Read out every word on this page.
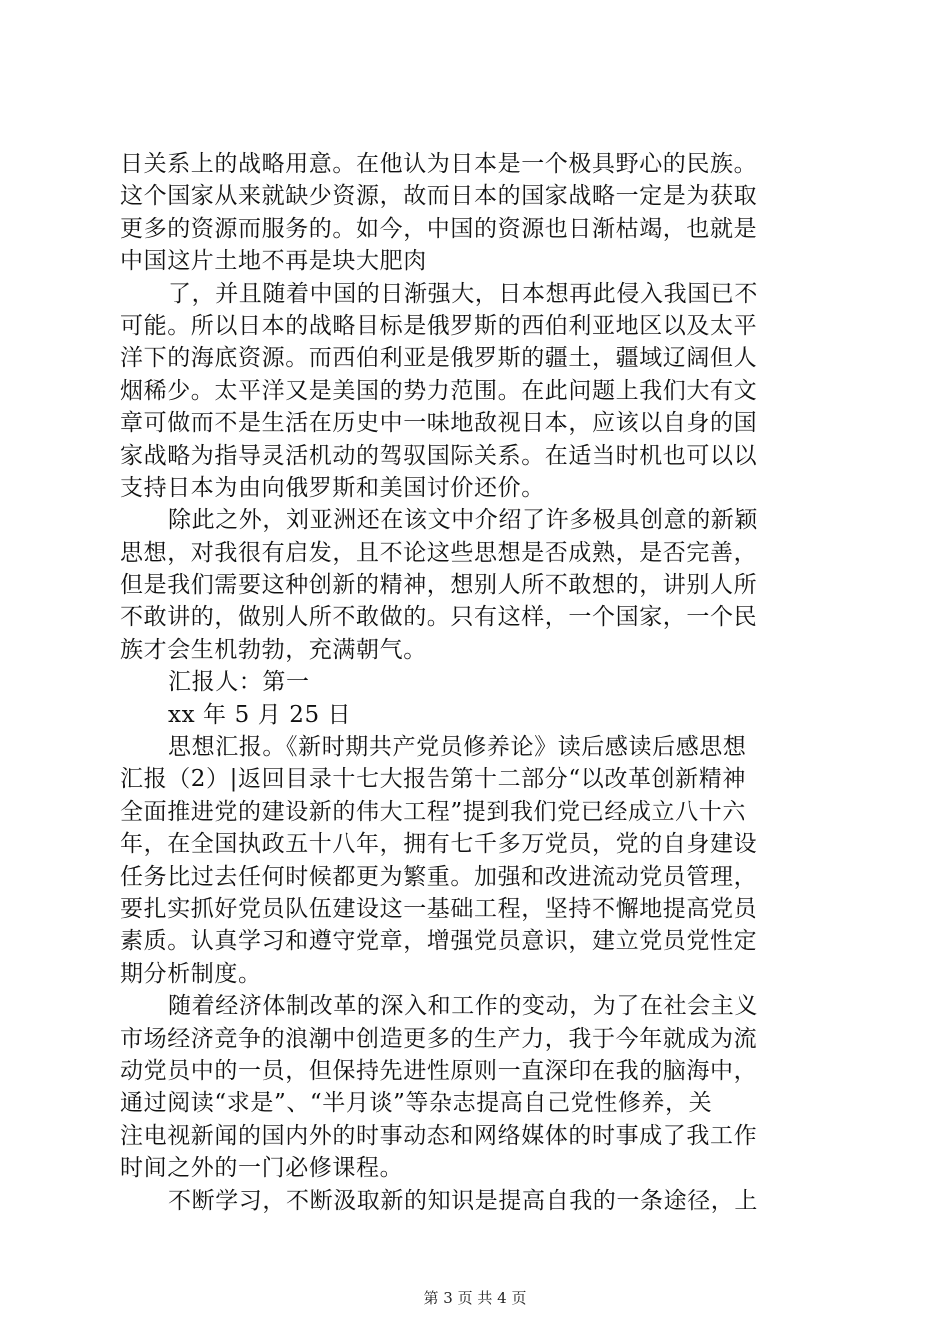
日关系上的战略用意。在他认为日本是一个极具野心的民族。
这个国家从来就缺少资源，故而日本的国家战略一定是为获取
更多的资源而服务的。如今，中国的资源也日渐枯竭，也就是
中国这片土地不再是块大肥肉
了，并且随着中国的日渐强大，日本想再此侵入我国已不
可能。所以日本的战略目标是俄罗斯的西伯利亚地区以及太平
洋下的海底资源。而西伯利亚是俄罗斯的疆土，疆域辽阔但人
烟稀少。太平洋又是美国的势力范围。在此问题上我们大有文
章可做而不是生活在历史中一味地敌视日本，应该以自身的国
家战略为指导灵活机动的驾驭国际关系。在适当时机也可以以
支持日本为由向俄罗斯和美国讨价还价。
除此之外，刘亚洲还在该文中介绍了许多极具创意的新颖
思想，对我很有启发，且不论这些思想是否成熟，是否完善，
但是我们需要这种创新的精神，想别人所不敢想的，讲别人所
不敢讲的，做别人所不敢做的。只有这样，一个国家，一个民
族才会生机勃勃，充满朝气。
汇报人：第一
xx 年 5 月 25 日
思想汇报。《新时期共产党员修养论》读后感读后感思想
汇报（2）|返回目录十七大报告第十二部分“以改革创新精神
全面推进党的建设新的伟大工程”提到我们党已经成立八十六
年，在全国执政五十八年，拥有七千多万党员，党的自身建设
任务比过去任何时候都更为繁重。加强和改进流动党员管理，
要扎实抓好党员队伍建设这一基础工程，坚持不懈地提高党员
素质。认真学习和遵守党章，增强党员意识，建立党员党性定
期分析制度。
随着经济体制改革的深入和工作的变动，为了在社会主义
市场经济竞争的浪潮中创造更多的生产力，我于今年就成为流
动党员中的一员，但保持先进性原则一直深印在我的脑海中，
通过阅读“求是”、“半月谈”等杂志提高自己党性修养，关
注电视新闻的国内外的时事动态和网络媒体的时事成了我工作
时间之外的一门必修课程。
不断学习，不断汲取新的知识是提高自我的一条途径，上
第 3 页 共 4 页
